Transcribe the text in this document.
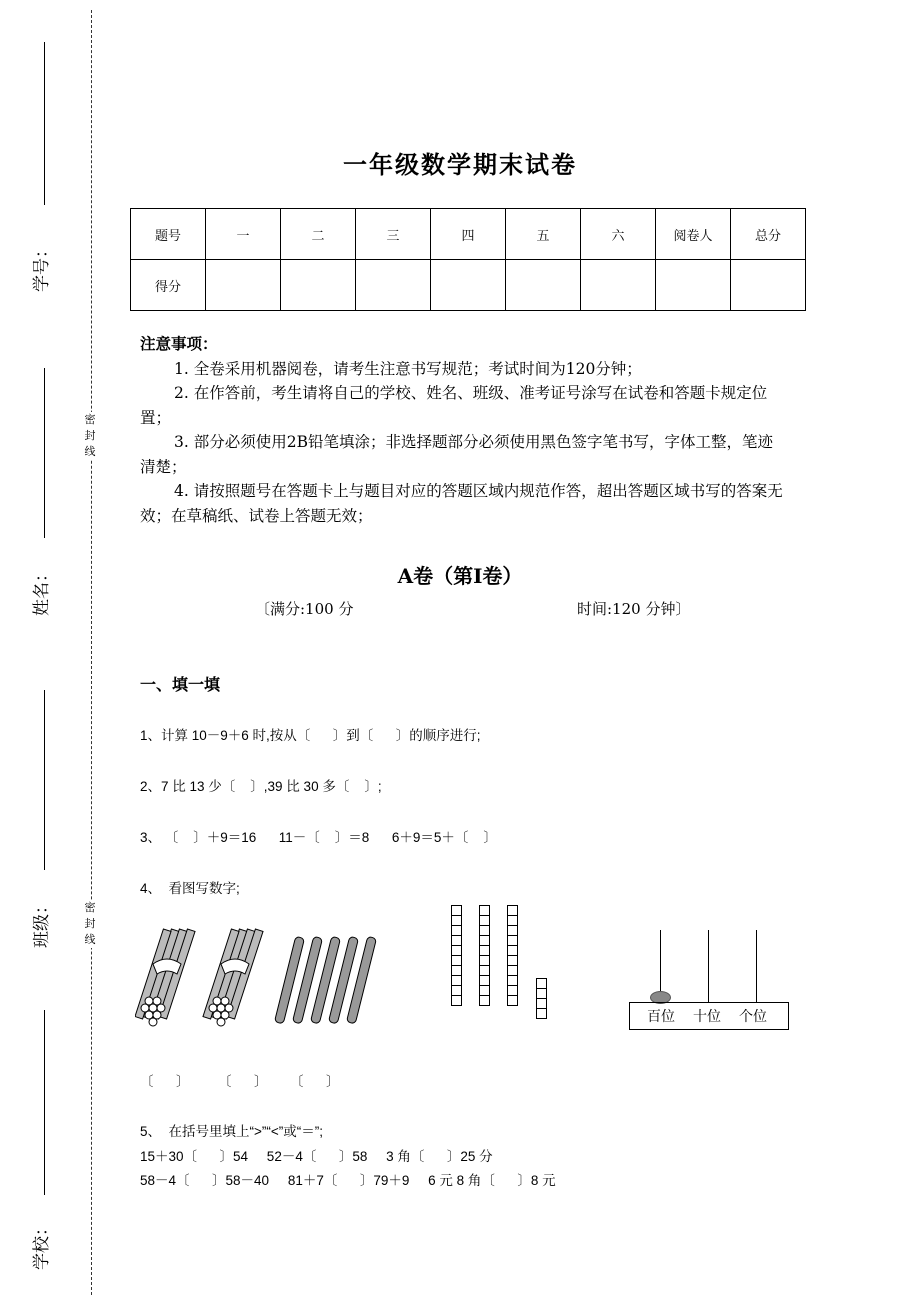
学号：
姓名：
班级：
学校：
密封线
密封线
一年级数学期末试卷
题号	一	二	三	四	五	六	阅卷人	总分
得分								
注意事项：
1. 全卷采用机器阅卷，请考生注意书写规范；考试时间为120分钟；
2. 在作答前，考生请将自己的学校、姓名、班级、准考证号涂写在试卷和答题卡规定位置；
3. 部分必须使用2B铅笔填涂；非选择题部分必须使用黑色签字笔书写，字体工整，笔迹清楚；
4. 请按照题号在答题卡上与题目对应的答题区域内规范作答，超出答题区域书写的答案无效；在草稿纸、试卷上答题无效；
A卷（第Ⅰ卷）
〔满分:100 分	时间:120 分钟〕
一、填一填
1、计算 10－9＋6 时,按从〔      〕到〔      〕的顺序进行;
2、7 比 13 少〔    〕,39 比 30 多〔    〕;
3、 〔    〕＋9＝16      11－〔    〕＝8      6＋9＝5＋〔    〕
4、  看图写数字;
百位 十位 个位
〔      〕 〔      〕 〔      〕
5、  在括号里填上“>”“<”或“＝”;
15＋30〔      〕54     52－4〔      〕58     3 角〔      〕25 分
58－4〔      〕58－40     81＋7〔      〕79＋9     6 元 8 角〔      〕8 元
